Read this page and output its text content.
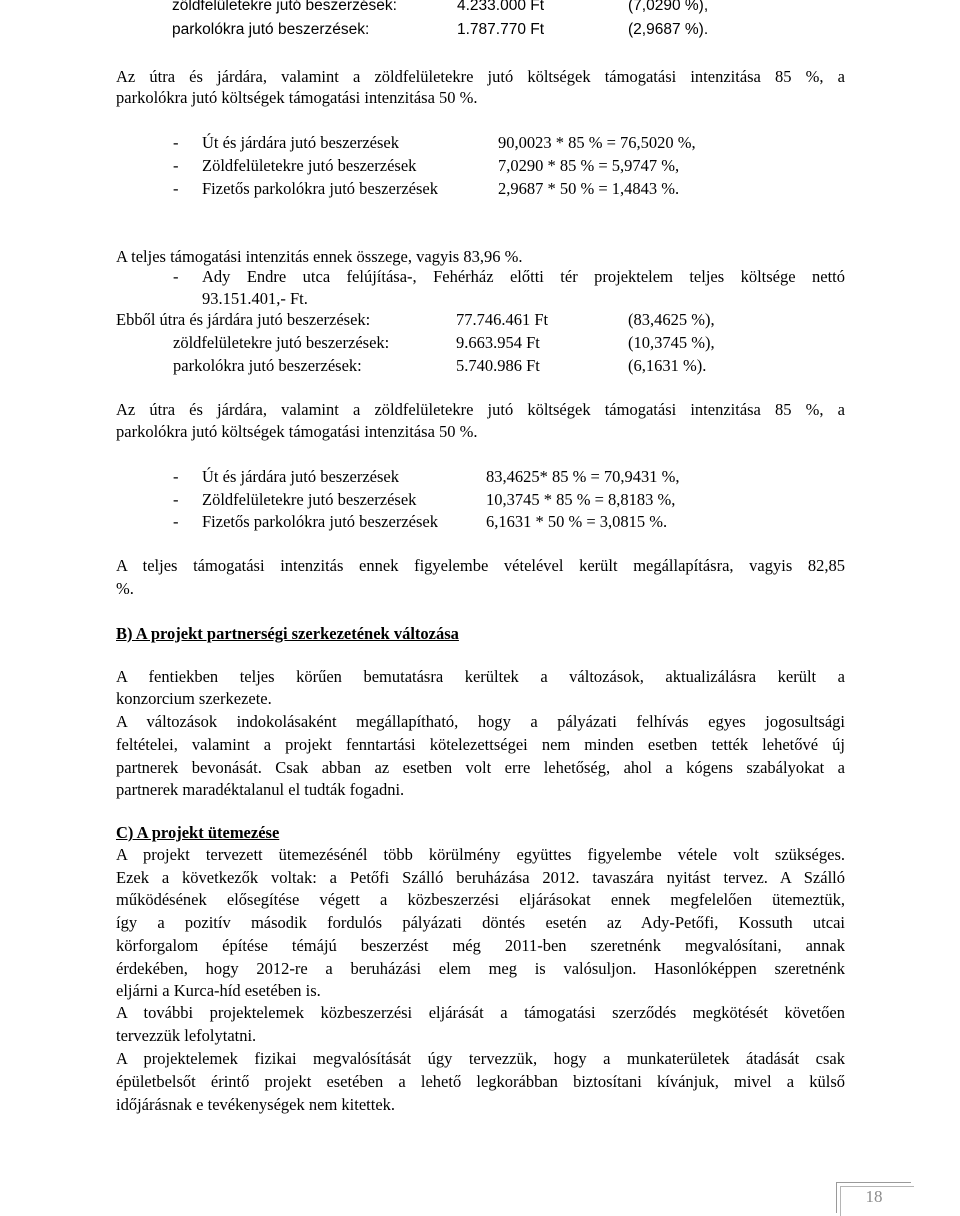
zöldfelületekre jutó beszerzések:	4.233.000 Ft	(7,0290 %),
parkolókra jutó beszerzések:	1.787.770 Ft	(2,9687 %).
Az útra és járdára, valamint a zöldfelületekre jutó költségek támogatási intenzitása 85 %, a
parkolókra jutó költségek támogatási intenzitása 50 %.
- Út és járdára jutó beszerzések	90,0023 * 85 % = 76,5020 %,
- Zöldfelületekre jutó beszerzések	7,0290 * 85 % = 5,9747 %,
- Fizetős parkolókra jutó beszerzések	2,9687 * 50 % = 1,4843 %.
A teljes támogatási intenzitás ennek összege, vagyis 83,96 %.
- Ady Endre utca felújítása-, Fehérház előtti tér projektelem teljes költsége nettó
93.151.401,- Ft.
Ebből útra és járdára jutó beszerzések:	77.746.461 Ft	(83,4625 %),
zöldfelületekre jutó beszerzések:	9.663.954 Ft	(10,3745 %),
parkolókra jutó beszerzések:	5.740.986 Ft	(6,1631 %).
Az útra és járdára, valamint a zöldfelületekre jutó költségek támogatási intenzitása 85 %, a
parkolókra jutó költségek támogatási intenzitása 50 %.
- Út és járdára jutó beszerzések	83,4625* 85 % = 70,9431 %,
- Zöldfelületekre jutó beszerzések	10,3745 * 85 % = 8,8183 %,
- Fizetős parkolókra jutó beszerzések	6,1631 * 50 % = 3,0815 %.
A teljes támogatási intenzitás ennek figyelembe vételével került megállapításra, vagyis 82,85
%.
B) A projekt partnerségi szerkezetének változása
A fentiekben teljes körűen bemutatásra kerültek a változások, aktualizálásra került a
konzorcium szerkezete.
A változások indokolásaként megállapítható, hogy a pályázati felhívás egyes jogosultsági
feltételei, valamint a projekt fenntartási kötelezettségei nem minden esetben tették lehetővé új
partnerek bevonását. Csak abban az esetben volt erre lehetőség, ahol a kógens szabályokat a
partnerek maradéktalanul el tudták fogadni.
C) A projekt ütemezése
A projekt tervezett ütemezésénél több körülmény együttes figyelembe vétele volt szükséges.
Ezek a következők voltak: a Petőfi Szálló beruházása 2012. tavaszára nyitást tervez. A Szálló
működésének elősegítése végett a közbeszerzési eljárásokat ennek megfelelően ütemeztük,
így a pozitív második fordulós pályázati döntés esetén az Ady-Petőfi, Kossuth utcai
körforgalom építése témájú beszerzést még 2011-ben szeretnénk megvalósítani, annak
érdekében, hogy 2012-re a beruházási elem meg is valósuljon. Hasonlóképpen szeretnénk
eljárni a Kurca-híd esetében is.
A további projektelemek közbeszerzési eljárását a támogatási szerződés megkötését követően
tervezzük lefolytatni.
A projektelemek fizikai megvalósítását úgy tervezzük, hogy a munkaterületek átadását csak
épületbelsőt érintő projekt esetében a lehető legkorábban biztosítani kívánjuk, mivel a külső
időjárásnak e tevékenységek nem kitettek.
18
